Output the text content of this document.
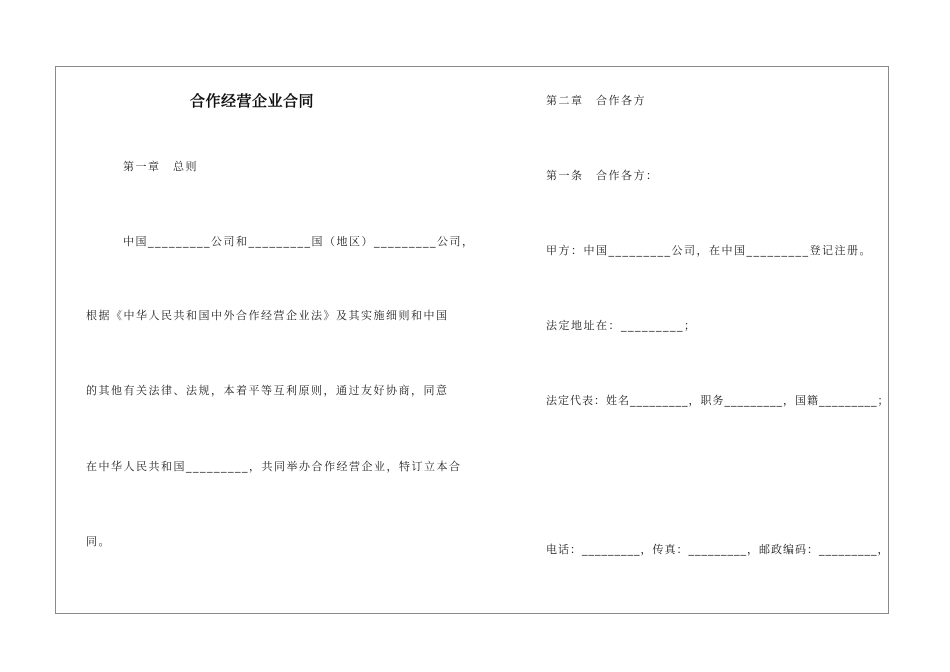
合作经营企业合同
第一章　总则
中国_________公司和_________国（地区）_________公司，
根据《中华人民共和国中外合作经营企业法》及其实施细则和中国
的其他有关法律、法规，本着平等互利原则，通过友好协商，同意
在中华人民共和国_________，共同举办合作经营企业，特订立本合
同。
第二章　合作各方
第一条　合作各方：
甲方：中国_________公司，在中国_________登记注册。
法定地址在：_________；
法定代表：姓名_________，职务_________，国籍_________；
电话：_________，传真：_________，邮政编码：_________，
